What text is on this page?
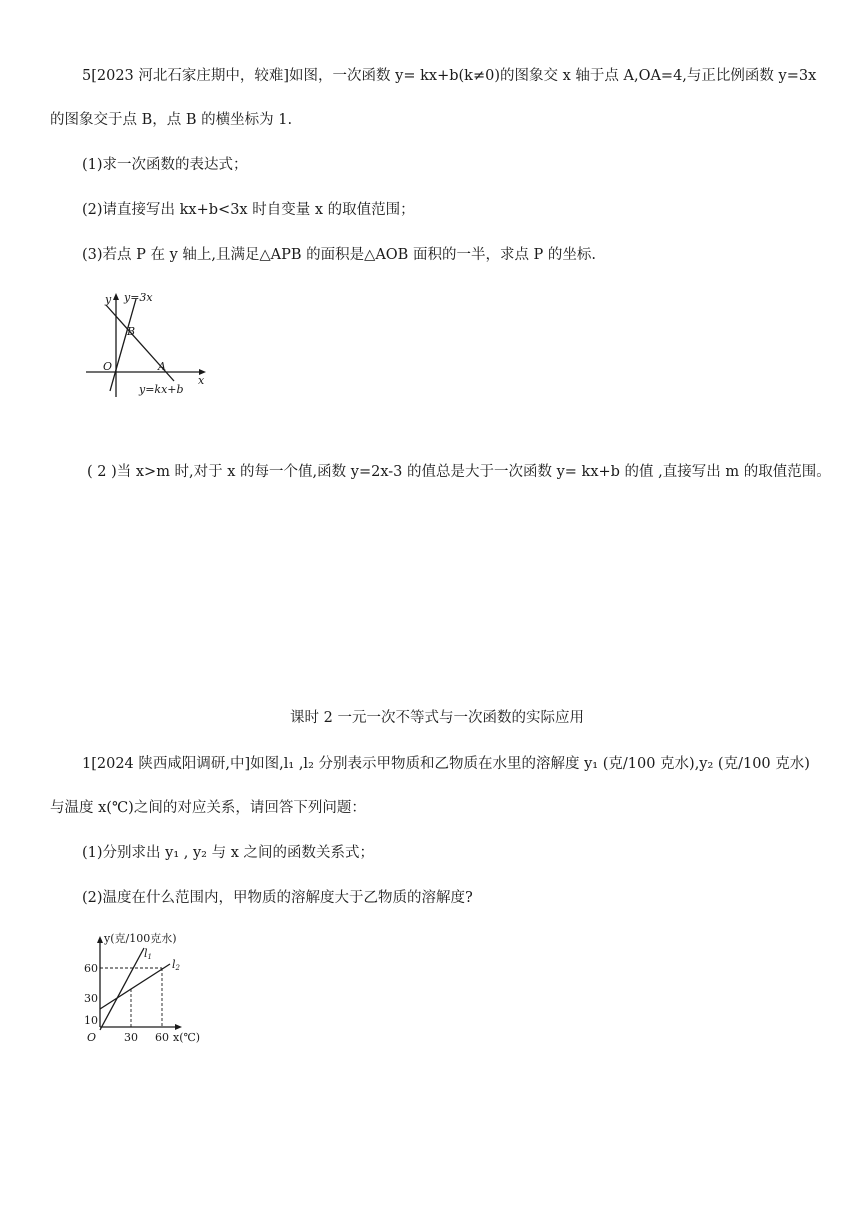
5[2023 河北石家庄期中，较难]如图，一次函数 y= kx+b(k≠0)的图象交 x 轴于点 A,OA=4,与正比例函数 y=3x
的图象交于点 B，点 B 的横坐标为 1.
(1)求一次函数的表达式；
(2)请直接写出 kx+b<3x 时自变量 x 的取值范围；
(3)若点 P 在 y 轴上,且满足△APB 的面积是△AOB 面积的一半，求点 P 的坐标.
y y=3x
B
O	A
x
y=kx+b
( 2 )当 x>m 时,对于 x 的每一个值,函数 y=2x-3 的值总是大于一次函数 y= kx+b 的值 ,直接写出 m 的取值范围。
课时 2 一元一次不等式与一次函数的实际应用
1[2024 陕西咸阳调研,中]如图,l₁ ,l₂ 分别表示甲物质和乙物质在水里的溶解度 y₁ (克/100 克水),y₂ (克/100 克水)
与温度 x(℃)之间的对应关系，请回答下列问题：
(1)分别求出 y₁ , y₂ 与 x 之间的函数关系式；
(2)温度在什么范围内，甲物质的溶解度大于乙物质的溶解度?
y(克/100克水)
l1
l2
60
30
10
O	30 60 x(℃)
